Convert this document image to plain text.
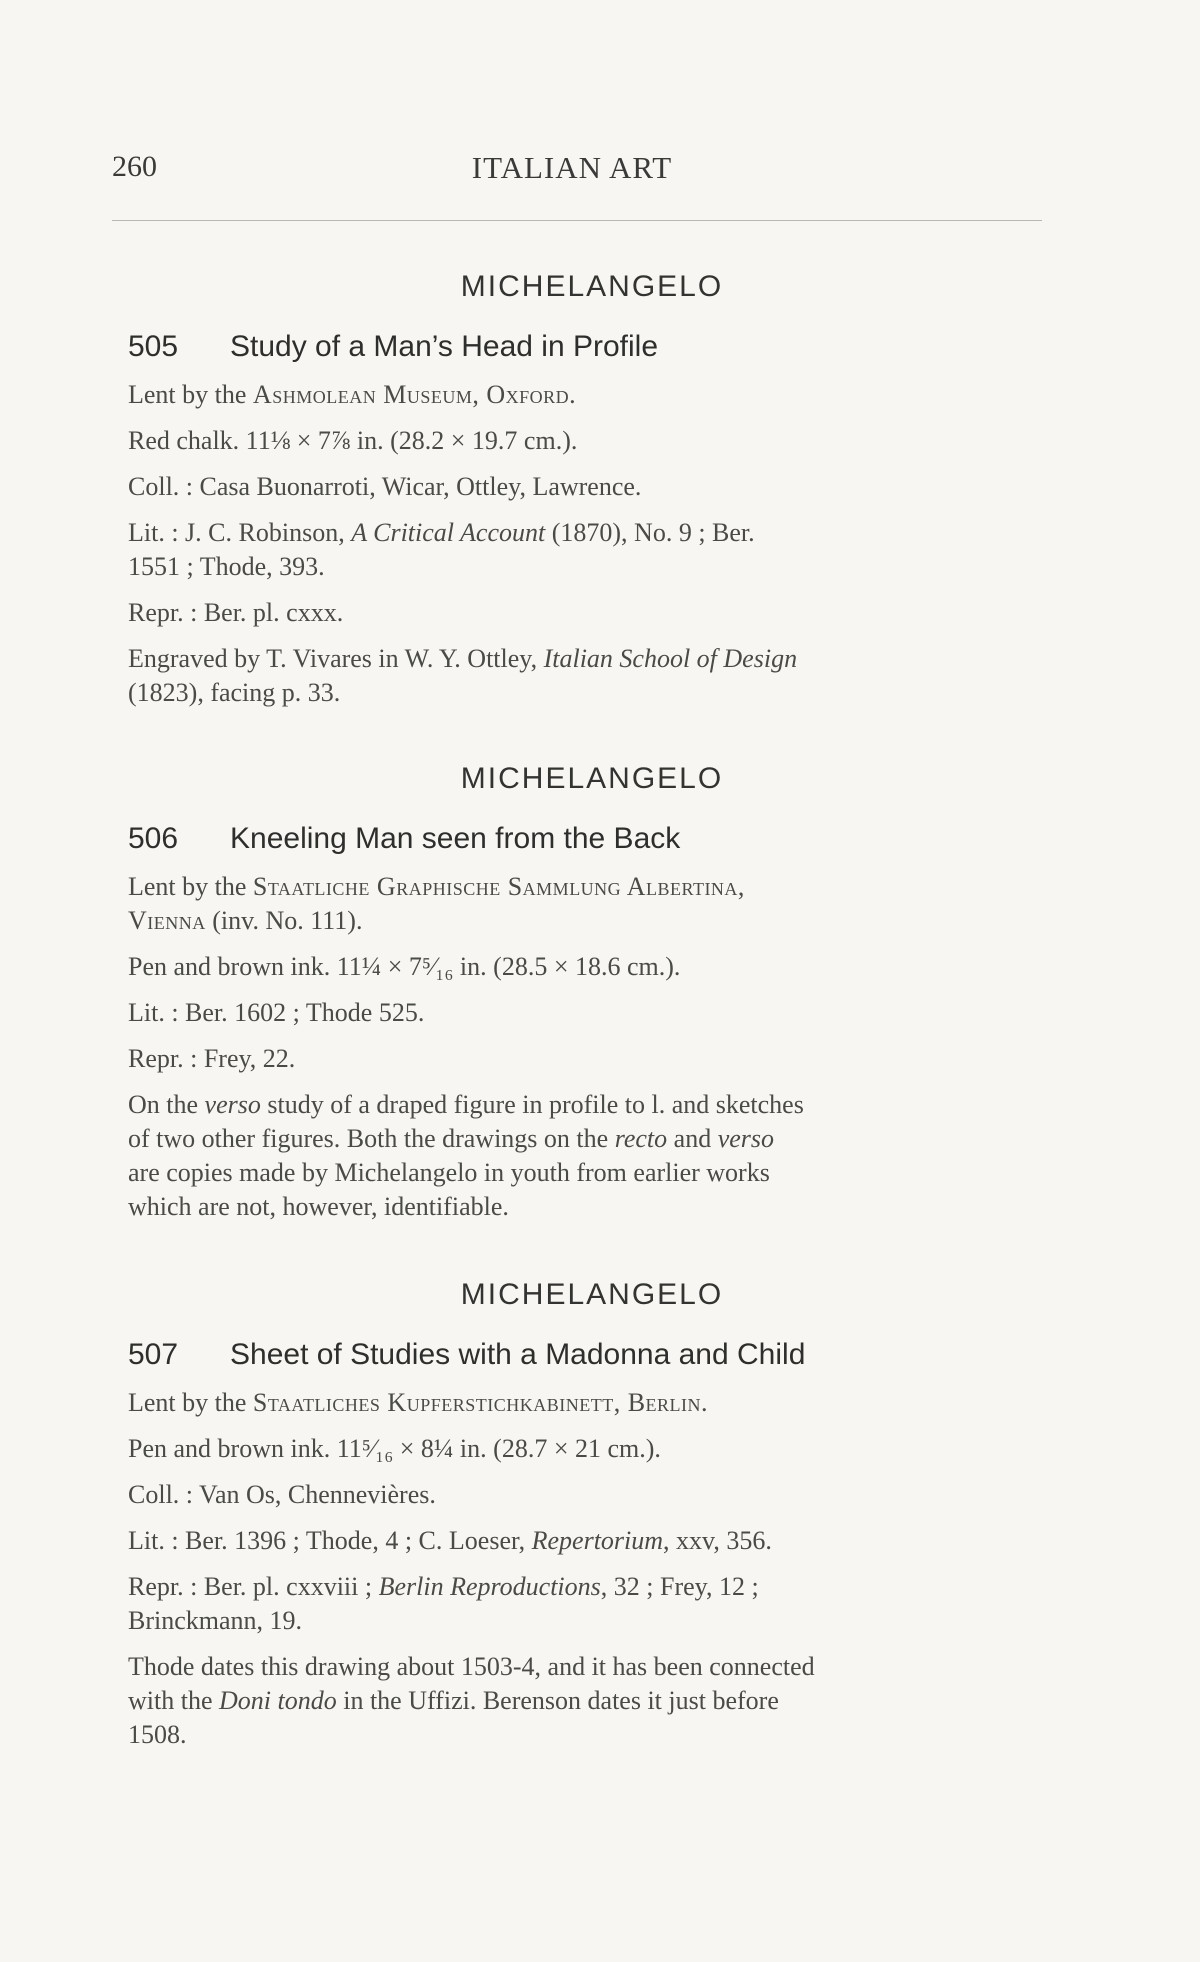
260	ITALIAN ART

MICHELANGELO

505 Study of a Man’s Head in Profile

Lent by the Ashmolean Museum, Oxford.

Red chalk. 11⅛ × 7⅞ in. (28.2 × 19.7 cm.).

Coll. : Casa Buonarroti, Wicar, Ottley, Lawrence.

Lit. : J. C. Robinson, A Critical Account (1870), No. 9 ; Ber.

1551 ; Thode, 393.

Repr. : Ber. pl. cxxx.

Engraved by T. Vivares in W. Y. Ottley, Italian School of Design

(1823), facing p. 33.

MICHELANGELO

506 Kneeling Man seen from the Back

Lent by the Staatliche Graphische Sammlung Albertina,

Vienna (inv. No. 111).

Pen and brown ink. 11¼ × 7⁵⁄₁₆ in. (28.5 × 18.6 cm.).

Lit. : Ber. 1602 ; Thode 525.

Repr. : Frey, 22.

On the verso study of a draped figure in profile to l. and sketches

of two other figures. Both the drawings on the recto and verso

are copies made by Michelangelo in youth from earlier works

which are not, however, identifiable.

MICHELANGELO

507 Sheet of Studies with a Madonna and Child

Lent by the Staatliches Kupferstichkabinett, Berlin.

Pen and brown ink. 11⁵⁄₁₆ × 8¼ in. (28.7 × 21 cm.).

Coll. : Van Os, Chennevières.

Lit. : Ber. 1396 ; Thode, 4 ; C. Loeser, Repertorium, xxv, 356.

Repr. : Ber. pl. cxxviii ; Berlin Reproductions, 32 ; Frey, 12 ;

Brinckmann, 19.

Thode dates this drawing about 1503-4, and it has been connected

with the Doni tondo in the Uffizi. Berenson dates it just before

1508.
